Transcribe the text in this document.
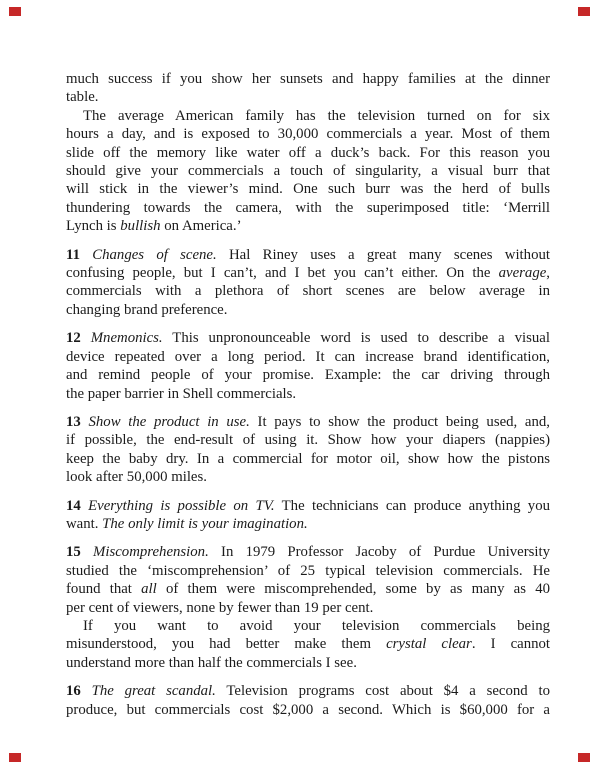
much success if you show her sunsets and happy families at the dinner
table.
The average American family has the television turned on for six
hours a day, and is exposed to 30,000 commercials a year. Most of them
slide off the memory like water off a duck’s back. For this reason you
should give your commercials a touch of singularity, a visual burr that
will stick in the viewer’s mind. One such burr was the herd of bulls
thundering towards the camera, with the superimposed title: ‘Merrill
Lynch is bullish on America.’
11 Changes of scene. Hal Riney uses a great many scenes without
confusing people, but I can’t, and I bet you can’t either. On the average,
commercials with a plethora of short scenes are below average in
changing brand preference.
12 Mnemonics. This unpronounceable word is used to describe a visual
device repeated over a long period. It can increase brand identification,
and remind people of your promise. Example: the car driving through
the paper barrier in Shell commercials.
13 Show the product in use. It pays to show the product being used, and,
if possible, the end-result of using it. Show how your diapers (nappies)
keep the baby dry. In a commercial for motor oil, show how the pistons
look after 50,000 miles.
14 Everything is possible on TV. The technicians can produce anything you
want. The only limit is your imagination.
15 Miscomprehension. In 1979 Professor Jacoby of Purdue University
studied the ‘miscomprehension’ of 25 typical television commercials. He
found that all of them were miscomprehended, some by as many as 40
per cent of viewers, none by fewer than 19 per cent.
If you want to avoid your television commercials being
misunderstood, you had better make them crystal clear. I cannot
understand more than half the commercials I see.
16 The great scandal. Television programs cost about $4 a second to
produce, but commercials cost $2,000 a second. Which is $60,000 for a
